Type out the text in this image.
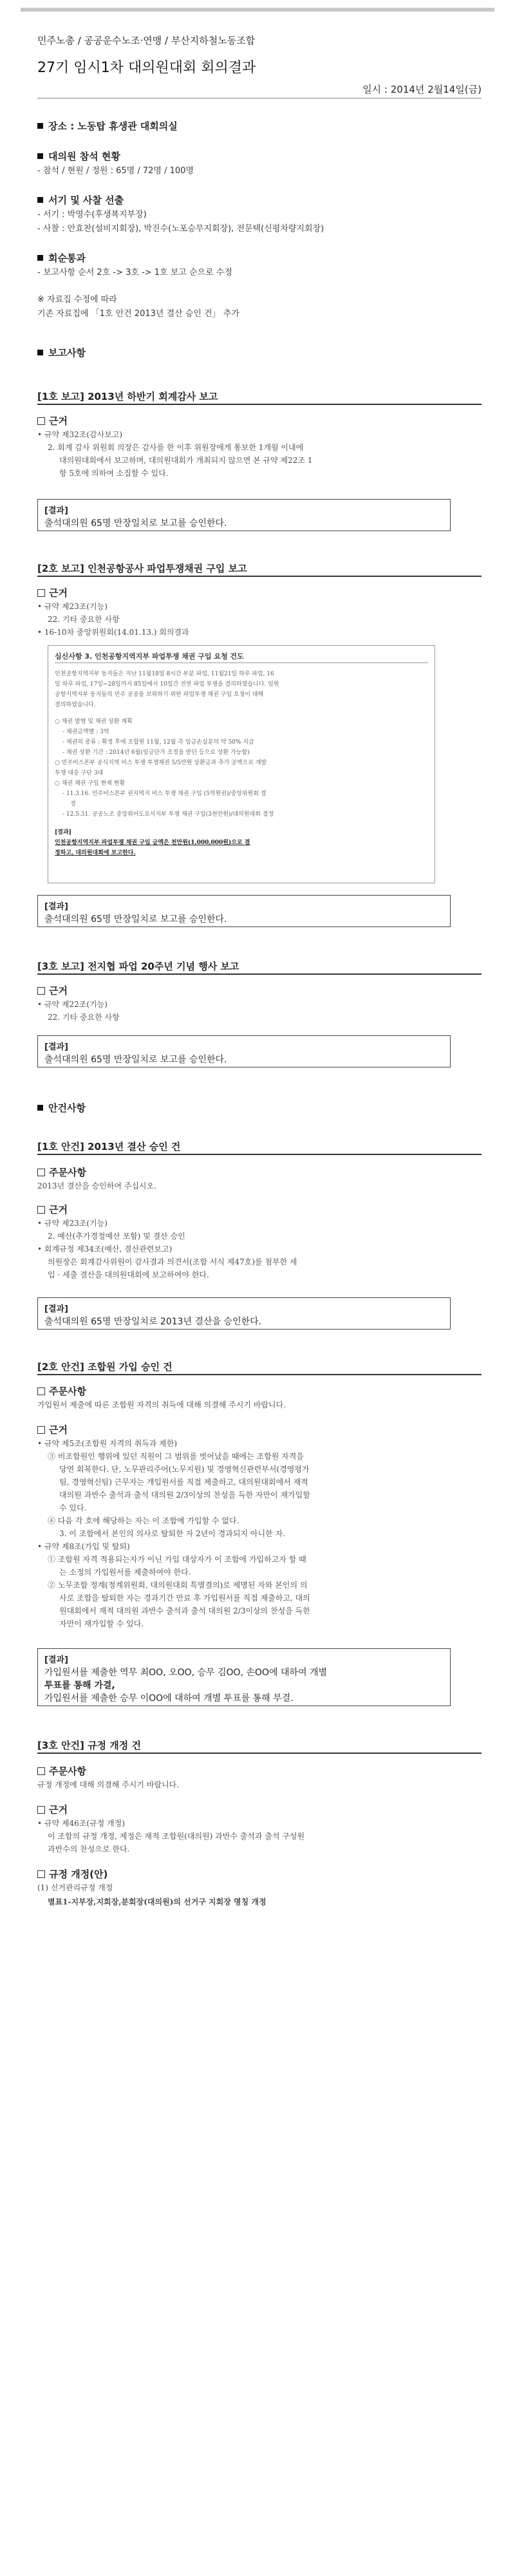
민주노총 / 공공운수노조·연맹 / 부산지하철노동조합
27기 임시1차 대의원대회 회의결과
일시 : 2014년 2월14일(금)
장소 : 노동탑 휴생관 대회의실
대의원 참석 현황
- 참석 / 현원 / 정원 : 65명 / 72명 / 100명
서기 및 사찰 선출
- 서기 : 박영수(후생복지부장)
- 사찰 : 안효찬(설비지회장), 박진수(노포승무지회장), 전문택(신평차량지회장)
회순통과
- 보고사항 순서 2호 -> 3호 -> 1호 보고 순으로 수정
※ 자료집 수정에 따라
기존 자료집에 「1호 안건 2013년 결산 승인 건」 추가
보고사항
[1호 보고] 2013년 하반기 회계감사 보고
근거
• 규약 제32조(감사보고)
2. 회계 감사 위원회 의장은 감사를 한 이후 위원장에게 통보한 1개월 이내에
대의원대회에서 보고하며, 대의원대회가 개최되지 않으면 본 규약 제22조 1
항 5호에 의하여 소집할 수 있다.
[결과]
출석대의원 65명 만장일치로 보고를 승인한다.
[2호 보고] 인천공항공사 파업투쟁채권 구입 보고
근거
• 규약 제23조(기능)
22. 기타 중요한 사항
• 16-10차 중앙위원회(14.01.13.) 회의결과
심신사항 3. 인천공항지역지부 파업투쟁 채권 구입 요청 건도
인천공항지역지부 동지들은 지난 11월18일 8시간 부분 파업, 11월21일 하루 파업, 16
일 하루 파업, 17일~28일까지 85일에서 10일간 전면 파업 투쟁을 결의하였습니다. 임원
공항지역지부 동지들의 민주 공공을 보위하기 위한 파업투쟁 채권 구입 요청이 대해
결의하였습니다.
○ 채권 발행 및 채권 상환 계획
- 채권금액별 : 3억
- 채권의 종류 : 확정 후에 조합원 11월, 12월 즉 임금손실분의 약 50% 지급
- 채권 상환 기간 : 2014년 6월(임금단가 조정을 받던 등으로 상환 가능함)
○ 민주비스본부 공식지역 비스 투쟁 투쟁채권 5/5만원 상환금과 추가 공백으로 개발
투쟁 대응 구단 3대
○ 채권 채권 구입 현재 현황
- 11.3.16. 민주비스본부 권지역지 비스 투쟁 채권 구입 (5억원권)/중앙위원회 결
정
- 12.5.31. 공공노조 중앙위이도요서지부 투쟁 채권 구입(3천만원)/대의원대회 결정
[결과]
인천공항지역지부 파업투쟁 채권 구입 금액은 천만원(1,000,000원)으로 결
정하고, 대의원대회에 보고한다.
[결과]
출석대의원 65명 만장일치로 보고를 승인한다.
[3호 보고] 전지협 파업 20주년 기념 행사 보고
근거
• 규약 제22조(기능)
22. 기타 중요한 사항
[결과]
출석대의원 65명 만장일치로 보고를 승인한다.
안건사항
[1호 안건] 2013년 결산 승인 건
주문사항
2013년 결산을 승인하여 주십시오.
근거
• 규약 제23조(기능)
2. 예산(추가경정예산 포함) 및 결산 승인
• 회계규정 제34조(예산, 결산관련보고)
의원장은 회계감사위원이 감사결과 의견서(조합 서식 제47호)를 첨부한 세
입 · 세출 결산을 대의원대회에 보고하여야 한다.
[결과]
출석대의원 65명 만장일치로 2013년 결산을 승인한다.
[2호 안건] 조합원 가입 승인 건
주문사항
가입원서 제출에 따른 조합원 자격의 취득에 대해 의결해 주시기 바랍니다.
근거
• 규약 제5조(조합원 자격의 취득과 제한)
③ 비조합원인 행위에 있던 직원이 그 범위를 벗어났을 때에는 조합원 자격을
당연 회복한다. 단, 노무관리주어(노무지원) 및 경영혁신관련부서(경영평가
팀, 경영혁신팀) 근무자는 개입원서를 직접 제출하고, 대의원대회에서 재적
대의원 과반수 출석과 출석 대의원 2/3이상의 찬성을 득한 자만이 재가입할
수 있다.
④ 다음 각 호에 해당하는 자는 이 조합에 가입할 수 없다.
3. 이 조합에서 본인의 의사로 탈퇴한 자 2년이 경과되지 아니한 자.
• 규약 제8조(가입 및 탈퇴)
① 조합원 자격 적용되는자가 이닌 가입 대상자가 이 조합에 가입하고자 할 때
는 소정의 가입원서를 제출하여야 한다.
② 노무조합 정계(정계위원회, 대의원대회 특별결의)로 제명된 자와 본인의 의
사로 조합을 탈퇴한 자는 경과기간 만료 후 가입원서를 직접 제출하고, 대의
원대회에서 재적 대의원 과반수 출석과 출석 대의원 2/3이상의 찬성을 득한
자만이 재가입할 수 있다.
[결과]
가입원서를 제출한 역무 최OO, 오OO, 승무 김OO, 손OO에 대하여 개별
투표를 통해 가결,
가입원서를 제출한 승무 이OO에 대하여 개별 투표를 통해 부결.
[3호 안건] 규정 개정 건
주문사항
규정 개정에 대해 의결해 주시기 바랍니다.
근거
• 규약 제46조(규정 개정)
이 조합의 규정 개정, 제정은 재적 조합원(대의원) 과반수 출석과 출석 구성원
과반수의 찬성으로 한다.
규정 개정(안)
(1) 선거관리규정 개정
별표1-지부장,지회장,분회장(대의원)의 선거구 지회장 명칭 개정
